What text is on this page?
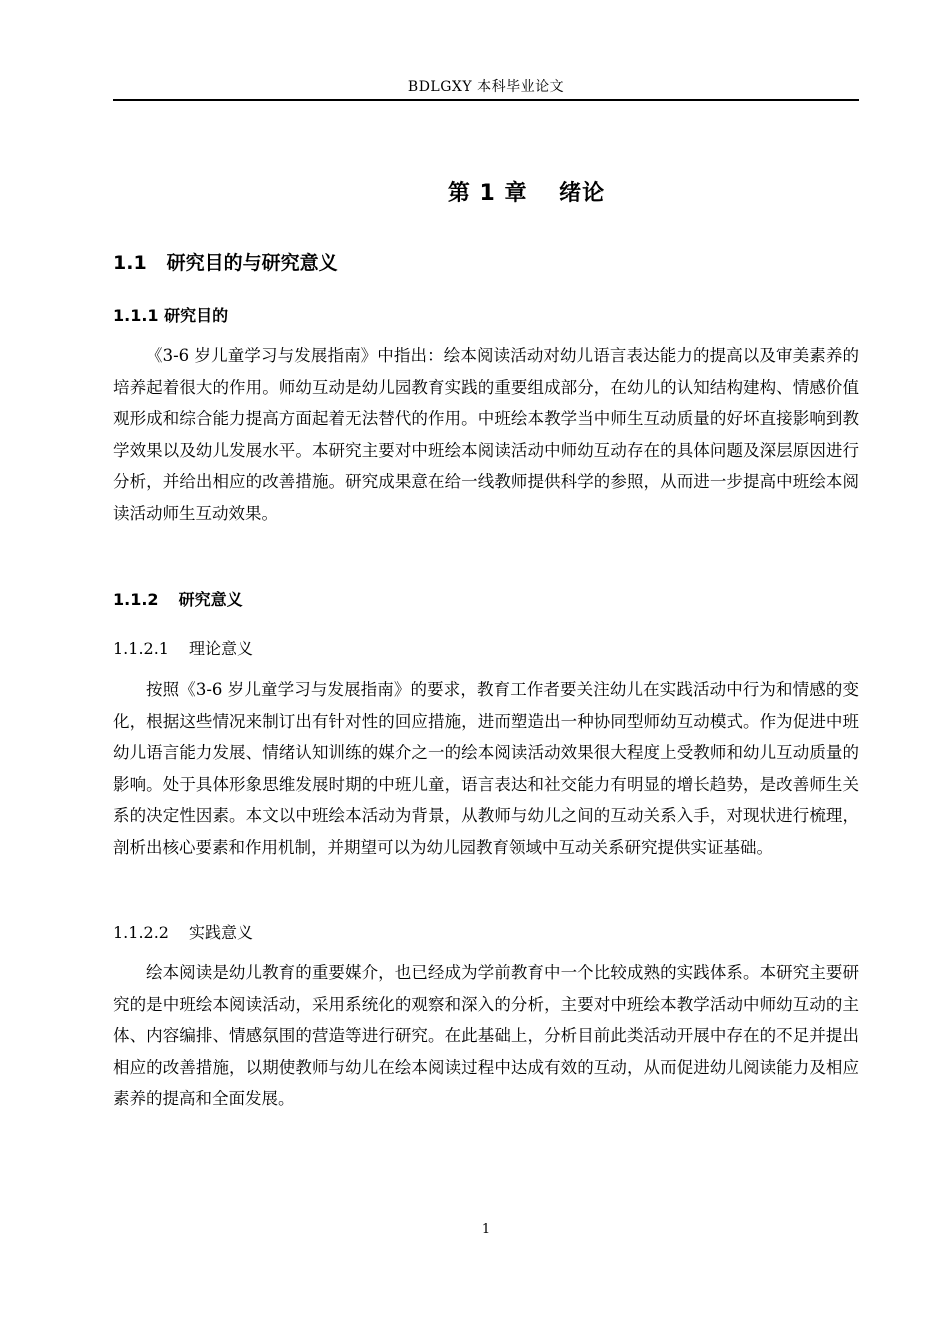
BDLGXY 本科毕业论文
第 1 章　 绪论
1.1 研究目的与研究意义
1.1.1 研究目的

《3-6 岁儿童学习与发展指南》中指出：绘本阅读活动对幼儿语言表达能力的提高以及审美素养的培养起着很大的作用。师幼互动是幼儿园教育实践的重要组成部分，在幼儿的认知结构建构、情感价值观形成和综合能力提高方面起着无法替代的作用。中班绘本教学当中师生互动质量的好坏直接影响到教学效果以及幼儿发展水平。本研究主要对中班绘本阅读活动中师幼互动存在的具体问题及深层原因进行分析，并给出相应的改善措施。研究成果意在给一线教师提供科学的参照，从而进一步提高中班绘本阅读活动师生互动效果。

1.1.2 研究意义
1.1.2.1 理论意义

按照《3-6 岁儿童学习与发展指南》的要求，教育工作者要关注幼儿在实践活动中行为和情感的变化，根据这些情况来制订出有针对性的回应措施，进而塑造出一种协同型师幼互动模式。作为促进中班幼儿语言能力发展、情绪认知训练的媒介之一的绘本阅读活动效果很大程度上受教师和幼儿互动质量的影响。处于具体形象思维发展时期的中班儿童，语言表达和社交能力有明显的增长趋势，是改善师生关系的决定性因素。本文以中班绘本活动为背景，从教师与幼儿之间的互动关系入手，对现状进行梳理，剖析出核心要素和作用机制，并期望可以为幼儿园教育领域中互动关系研究提供实证基础。

1.1.2.2 实践意义

绘本阅读是幼儿教育的重要媒介，也已经成为学前教育中一个比较成熟的实践体系。本研究主要研究的是中班绘本阅读活动，采用系统化的观察和深入的分析，主要对中班绘本教学活动中师幼互动的主体、内容编排、情感氛围的营造等进行研究。在此基础上，分析目前此类活动开展中存在的不足并提出相应的改善措施，以期使教师与幼儿在绘本阅读过程中达成有效的互动，从而促进幼儿阅读能力及相应素养的提高和全面发展。

1
